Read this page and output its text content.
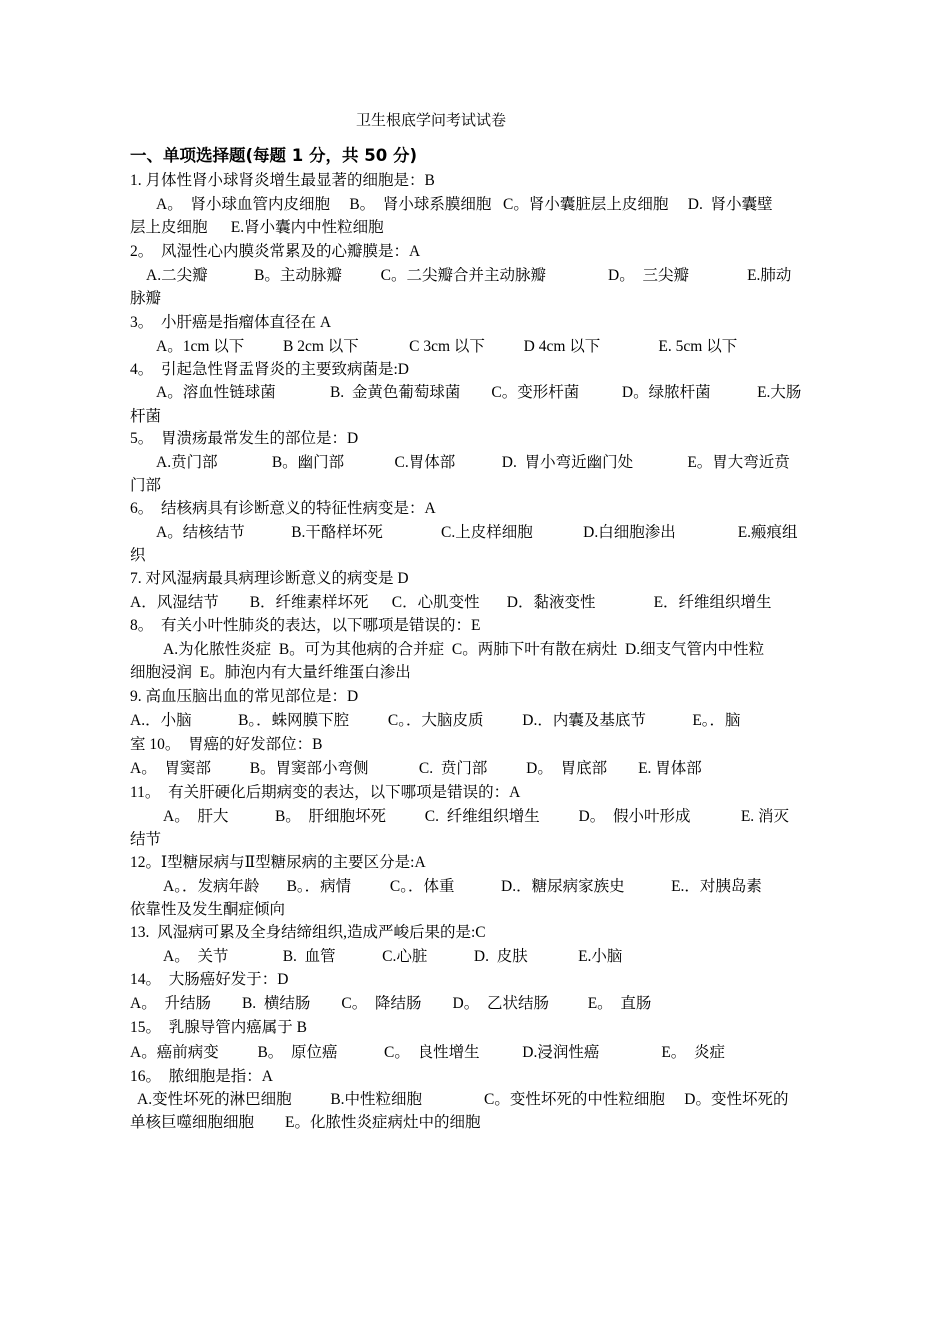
卫生根底学问考试试卷
一、单项选择题(每题 1 分，共 50 分)
1. 月体性肾小球肾炎增生最显著的细胞是：B
A。  肾小球血管内皮细胞     B。  肾小球系膜细胞   C。肾小囊脏层上皮细胞     D.  肾小囊壁
层上皮细胞      E.肾小囊内中性粒细胞
2。  风湿性心内膜炎常累及的心瓣膜是：A
A.二尖瓣            B。主动脉瓣          C。二尖瓣合并主动脉瓣                D。  三尖瓣               E.肺动
脉瓣
3。  小肝癌是指瘤体直径在 A
A。1cm 以下          B 2cm 以下             C 3cm 以下          D 4cm 以下               E. 5cm 以下
4。  引起急性肾盂肾炎的主要致病菌是:D
A。溶血性链球菌              B.  金黄色葡萄球菌        C。变形杆菌           D。绿脓杆菌            E.大肠
杆菌
5。  胃溃疡最常发生的部位是：D
A.贲门部              B。幽门部             C.胃体部            D.  胃小弯近幽门处              E。胃大弯近贲
门部
6。  结核病具有诊断意义的特征性病变是：A
A。结核结节            B.干酪样坏死               C.上皮样细胞             D.白细胞渗出                E.瘢痕组
织
7. 对风湿病最具病理诊断意义的病变是 D
A．风湿结节        B．纤维素样坏死      C．心肌变性       D．黏液变性               E．纤维组织增生
8。  有关小叶性肺炎的表达，以下哪项是错误的：E
A.为化脓性炎症  B。可为其他病的合并症  C。两肺下叶有散在病灶  D.细支气管内中性粒
细胞浸润  E。肺泡内有大量纤维蛋白渗出
9. 高血压脑出血的常见部位是：D
A.．小脑            B。．蛛网膜下腔          C。．大脑皮质          D.．内囊及基底节            E。．脑
室 10。  胃癌的好发部位：B
A。  胃窦部          B。胃窦部小弯侧             C.  贲门部          D。  胃底部        E. 胃体部
11。  有关肝硬化后期病变的表达，以下哪项是错误的：A
A。  肝大            B。  肝细胞坏死          C.  纤维组织增生          D。  假小叶形成             E. 消灭
结节
12。Ⅰ型糖尿病与Ⅱ型糖尿病的主要区分是:A
A。．发病年龄       B。．病情          C。．体重            D.．糖尿病家族史            E.．对胰岛素
依靠性及发生酮症倾向
13.  风湿病可累及全身结缔组织,造成严峻后果的是:C
A。  关节              B.  血管            C.心脏            D.  皮肤             E.小脑
14。  大肠癌好发于：D
A。  升结肠        B.  横结肠        C。  降结肠        D。  乙状结肠          E。  直肠
15。  乳腺导管内癌属于 B
A。癌前病变          B。  原位癌            C。  良性增生           D.浸润性癌                E。  炎症
16。  脓细胞是指：A
A.变性坏死的淋巴细胞          B.中性粒细胞                C。变性坏死的中性粒细胞     D。变性坏死的
单核巨噬细胞细胞        E。化脓性炎症病灶中的细胞
